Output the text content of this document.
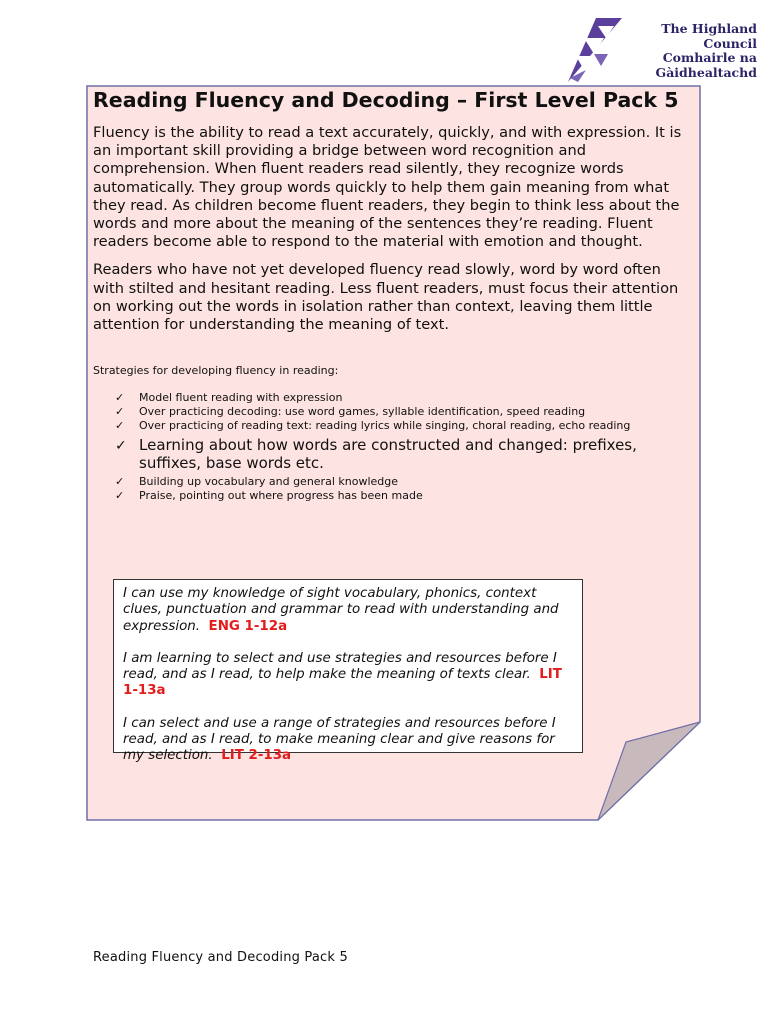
The Highland
Council
Comhairle na
Gàidhealtachd
Reading Fluency and Decoding – First Level Pack 5

Fluency is the ability to read a text accurately, quickly, and with expression. It is an important skill providing a bridge between word recognition and comprehension. When fluent readers read silently, they recognize words automatically. They group words quickly to help them gain meaning from what they read. As children become fluent readers, they begin to think less about the words and more about the meaning of the sentences they’re reading. Fluent readers become able to respond to the material with emotion and thought.

Readers who have not yet developed fluency read slowly, word by word often with stilted and hesitant reading. Less fluent readers, must focus their attention on working out the words in isolation rather than context, leaving them little attention for understanding the meaning of text.

Strategies for developing fluency in reading:
✓ Model fluent reading with expression
✓ Over practicing decoding: use word games, syllable identification, speed reading
✓ Over practicing of reading text: reading lyrics while singing, choral reading, echo reading
✓ Learning about how words are constructed and changed: prefixes, suffixes, base words etc.
✓ Building up vocabulary and general knowledge
✓ Praise, pointing out where progress has been made

I can use my knowledge of sight vocabulary, phonics, context clues, punctuation and grammar to read with understanding and expression. ENG 1-12a

I am learning to select and use strategies and resources before I read, and as I read, to help make the meaning of texts clear. LIT 1-13a

I can select and use a range of strategies and resources before I read, and as I read, to make meaning clear and give reasons for my selection. LIT 2-13a

Reading Fluency and Decoding Pack 5
